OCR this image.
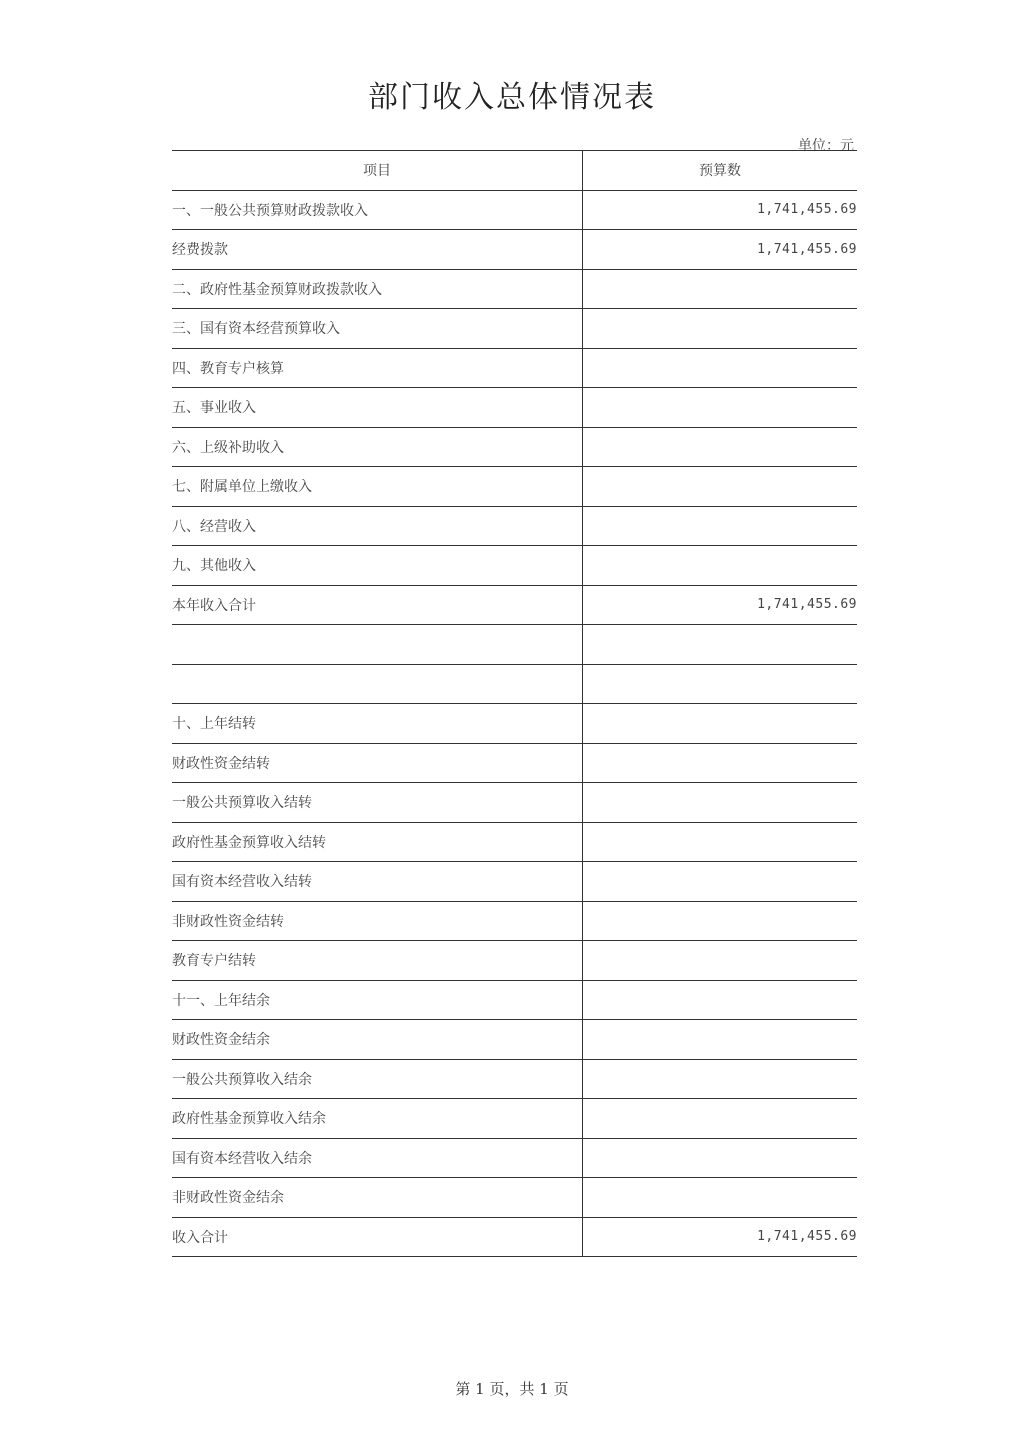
部门收入总体情况表
单位：元
项目	预算数
一、一般公共预算财政拨款收入	1,741,455.69
经费拨款	1,741,455.69
二、政府性基金预算财政拨款收入	
三、国有资本经营预算收入	
四、教育专户核算	
五、事业收入	
六、上级补助收入	
七、附属单位上缴收入	
八、经营收入	
九、其他收入	
本年收入合计	1,741,455.69

十、上年结转	
财政性资金结转	
一般公共预算收入结转	
政府性基金预算收入结转	
国有资本经营收入结转	
非财政性资金结转	
教育专户结转	
十一、上年结余	
财政性资金结余	
一般公共预算收入结余	
政府性基金预算收入结余	
国有资本经营收入结余	
非财政性资金结余	
收入合计	1,741,455.69
第 1 页，共 1 页
